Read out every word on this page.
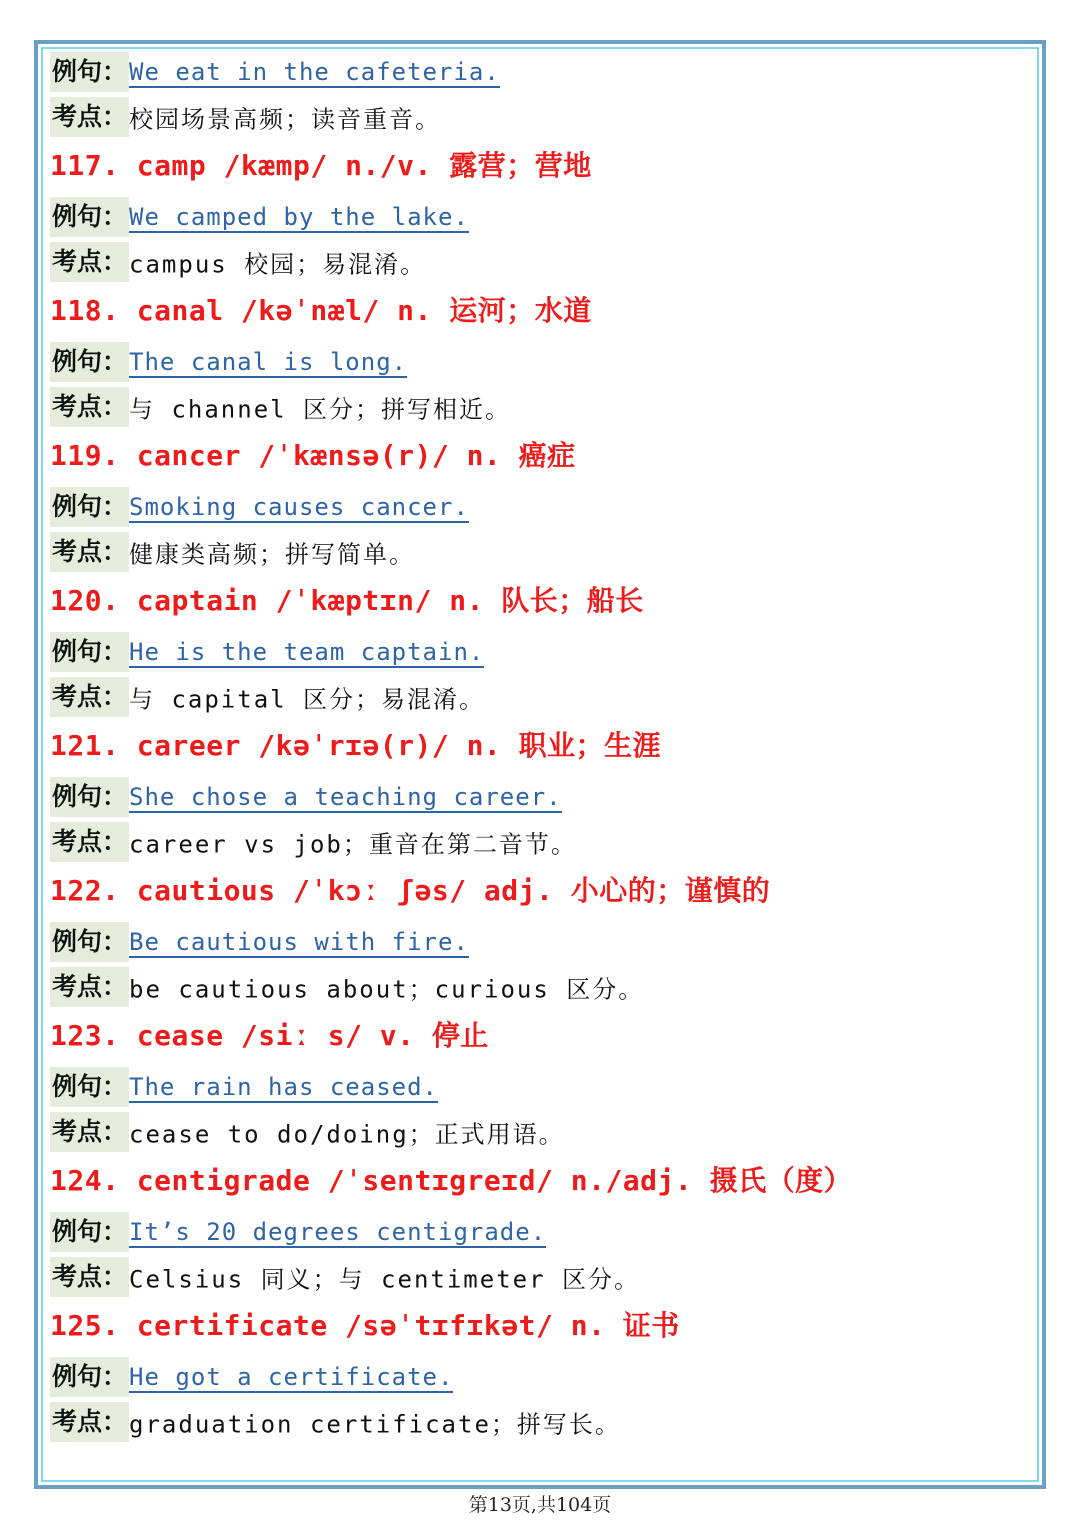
例句：We eat in the cafeteria.
考点：校园场景高频；读音重音。
117. camp /kæmp/ n./v. 露营；营地
例句：We camped by the lake.
考点：campus 校园；易混淆。
118. canal /kəˈnæl/ n. 运河；水道
例句：The canal is long.
考点：与 channel 区分；拼写相近。
119. cancer /ˈkænsə(r)/ n. 癌症
例句：Smoking causes cancer.
考点：健康类高频；拼写简单。
120. captain /ˈkæptɪn/ n. 队长；船长
例句：He is the team captain.
考点：与 capital 区分；易混淆。
121. career /kəˈrɪə(r)/ n. 职业；生涯
例句：She chose a teaching career.
考点：career vs job；重音在第二音节。
122. cautious /ˈkɔː ʃəs/ adj. 小心的；谨慎的
例句：Be cautious with fire.
考点：be cautious about；curious 区分。
123. cease /siː s/ v. 停止
例句：The rain has ceased.
考点：cease to do/doing；正式用语。
124. centigrade /ˈsentɪgreɪd/ n./adj. 摄氏（度）
例句：It’s 20 degrees centigrade.
考点：Celsius 同义；与 centimeter 区分。
125. certificate /səˈtɪfɪkət/ n. 证书
例句：He got a certificate.
考点：graduation certificate；拼写长。
第13页,共104页
